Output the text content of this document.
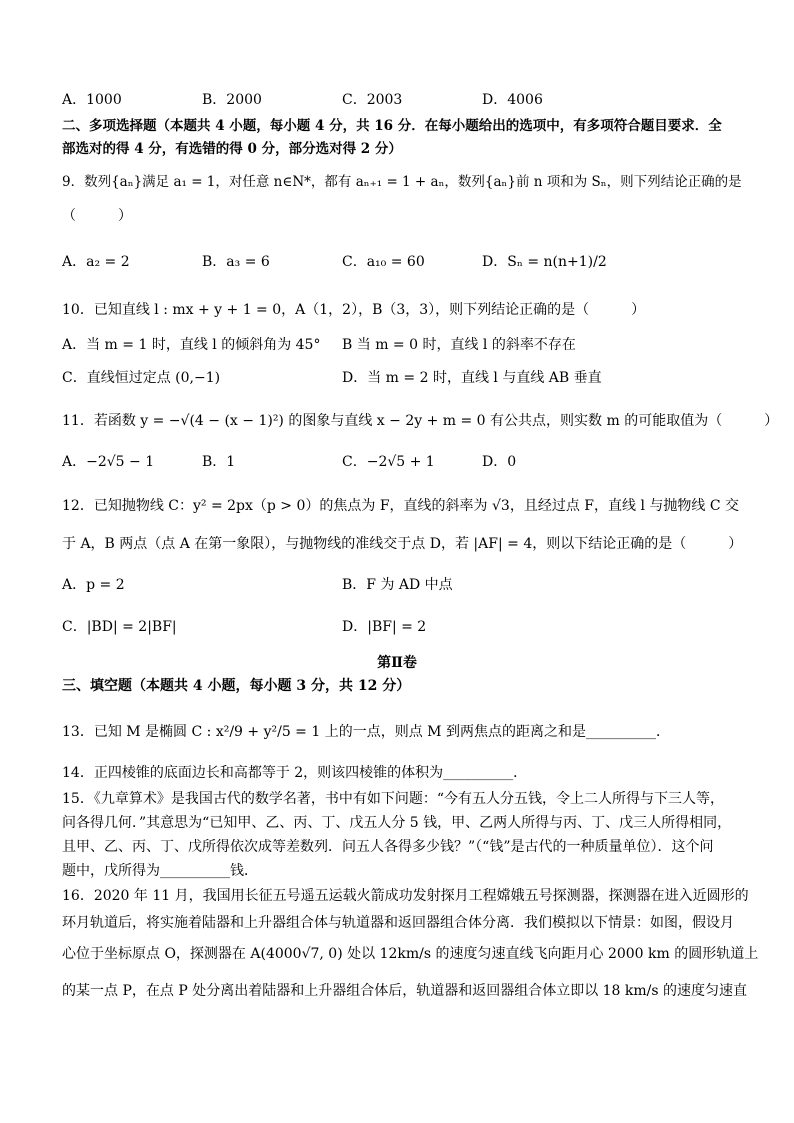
A．1000	B．2000	C．2003	D．4006
二、多项选择题（本题共 4 小题，每小题 4 分，共 16 分．在每小题给出的选项中，有多项符合题目要求．全
部选对的得 4 分，有选错的得 0 分，部分选对得 2 分）
9．数列{aₙ}满足 a₁ = 1，对任意 n∈N*，都有 aₙ₊₁ = 1 + aₙ，数列{aₙ}前 n 项和为 Sₙ，则下列结论正确的是
（　　　）
A．a₂ = 2	B．a₃ = 6	C．a₁₀ = 60	D．Sₙ = n(n+1)/2
10．已知直线 l : mx + y + 1 = 0，A（1，2），B（3，3），则下列结论正确的是（　　　）
A．当 m = 1 时，直线 l 的倾斜角为 45° B 当 m = 0 时，直线 l 的斜率不存在
C．直线恒过定点 (0,−1)	D．当 m = 2 时，直线 l 与直线 AB 垂直
11．若函数 y = −√(4 − (x − 1)²) 的图象与直线 x − 2y + m = 0 有公共点，则实数 m 的可能取值为（　　　）
A．−2√5 − 1	B．1	C．−2√5 + 1	D．0
12．已知抛物线 C：y² = 2px（p > 0）的焦点为 F，直线的斜率为 √3，且经过点 F，直线 l 与抛物线 C 交
于 A，B 两点（点 A 在第一象限），与抛物线的准线交于点 D，若 |AF| = 4，则以下结论正确的是（　　　）
A．p = 2	B．F 为 AD 中点
C．|BD| = 2|BF|	D．|BF| = 2
第Ⅱ卷
三、填空题（本题共 4 小题，每小题 3 分，共 12 分）
13．已知 M 是椭圆 C : x²/9 + y²/5 = 1 上的一点，则点 M 到两焦点的距离之和是__________．
14．正四棱锥的底面边长和高都等于 2，则该四棱锥的体积为__________．
15．《九章算术》是我国古代的数学名著，书中有如下问题：“今有五人分五钱，令上二人所得与下三人等，
问各得几何．”其意思为“已知甲、乙、丙、丁、戊五人分 5 钱，甲、乙两人所得与丙、丁、戊三人所得相同，
且甲、乙、丙、丁、戊所得依次成等差数列．问五人各得多少钱？”（“钱”是古代的一种质量单位）．这个问
题中，戊所得为__________钱．
16．2020 年 11 月，我国用长征五号遥五运载火箭成功发射探月工程嫦娥五号探测器，探测器在进入近圆形的
环月轨道后，将实施着陆器和上升器组合体与轨道器和返回器组合体分离．我们模拟以下情景：如图，假设月
心位于坐标原点 O，探测器在 A(4000√7, 0) 处以 12km/s 的速度匀速直线飞向距月心 2000 km 的圆形轨道上
的某一点 P，在点 P 处分离出着陆器和上升器组合体后，轨道器和返回器组合体立即以 18 km/s 的速度匀速直
